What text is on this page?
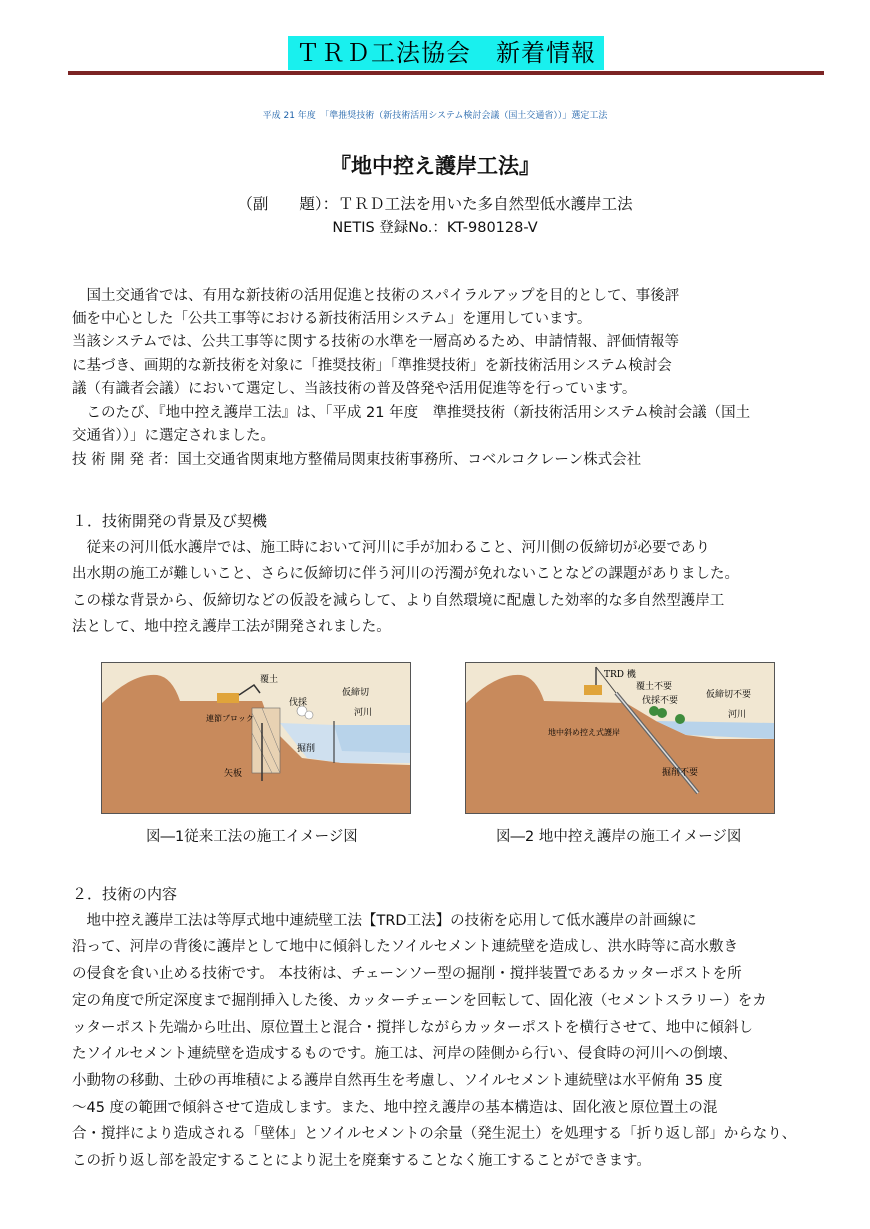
ＴＲＤ工法協会　新着情報
平成 21 年度　「準推奨技術（新技術活用システム検討会議（国土交通省））」選定工法
『地中控え護岸工法』
（副　　題）：ＴＲＤ工法を用いた多自然型低水護岸工法
NETIS 登録No.：KT-980128-V
　国土交通省では、有用な新技術の活用促進と技術のスパイラルアップを目的として、事後評
価を中心とした「公共工事等における新技術活用システム」を運用しています。
当該システムでは、公共工事等に関する技術の水準を一層高めるため、申請情報、評価情報等
に基づき、画期的な新技術を対象に「推奨技術」「準推奨技術」を新技術活用システム検討会
議（有識者会議）において選定し、当該技術の普及啓発や活用促進等を行っています。
　このたび、『地中控え護岸工法』は、「平成 21 年度　準推奨技術（新技術活用システム検討会議（国土
交通省））」に選定されました。
技 術 開 発 者：国土交通省関東地方整備局関東技術事務所、コベルコクレーン株式会社
１．技術開発の背景及び契機
　従来の河川低水護岸では、施工時において河川に手が加わること、河川側の仮締切が必要であり
出水期の施工が難しいこと、さらに仮締切に伴う河川の汚濁が免れないことなどの課題がありました。
この様な背景から、仮締切などの仮設を減らして、より自然環境に配慮した効率的な多自然型護岸工
法として、地中控え護岸工法が開発されました。
覆土
伐採
仮締切
河川
連節ブロック
掘削
矢板
図―1従来工法の施工イメージ図
TRD 機
覆土不要
仮締切不要
伐採不要
河川
地中斜め控え式護岸
掘削不要
図―2 地中控え護岸の施工イメージ図
２．技術の内容
　地中控え護岸工法は等厚式地中連続壁工法【TRD工法】の技術を応用して低水護岸の計画線に
沿って、河岸の背後に護岸として地中に傾斜したソイルセメント連続壁を造成し、洪水時等に高水敷き
の侵食を食い止める技術です。 本技術は、チェーンソー型の掘削・撹拌装置であるカッターポストを所
定の角度で所定深度まで掘削挿入した後、カッターチェーンを回転して、固化液（セメントスラリー）をカ
ッターポスト先端から吐出、原位置土と混合・撹拌しながらカッターポストを横行させて、地中に傾斜し
たソイルセメント連続壁を造成するものです。施工は、河岸の陸側から行い、侵食時の河川への倒壊、
小動物の移動、土砂の再堆積による護岸自然再生を考慮し、ソイルセメント連続壁は水平俯角 35 度
～45 度の範囲で傾斜させて造成します。また、地中控え護岸の基本構造は、固化液と原位置土の混
合・撹拌により造成される「壁体」とソイルセメントの余量（発生泥土）を処理する「折り返し部」からなり、
この折り返し部を設定することにより泥土を廃棄することなく施工することができます。
